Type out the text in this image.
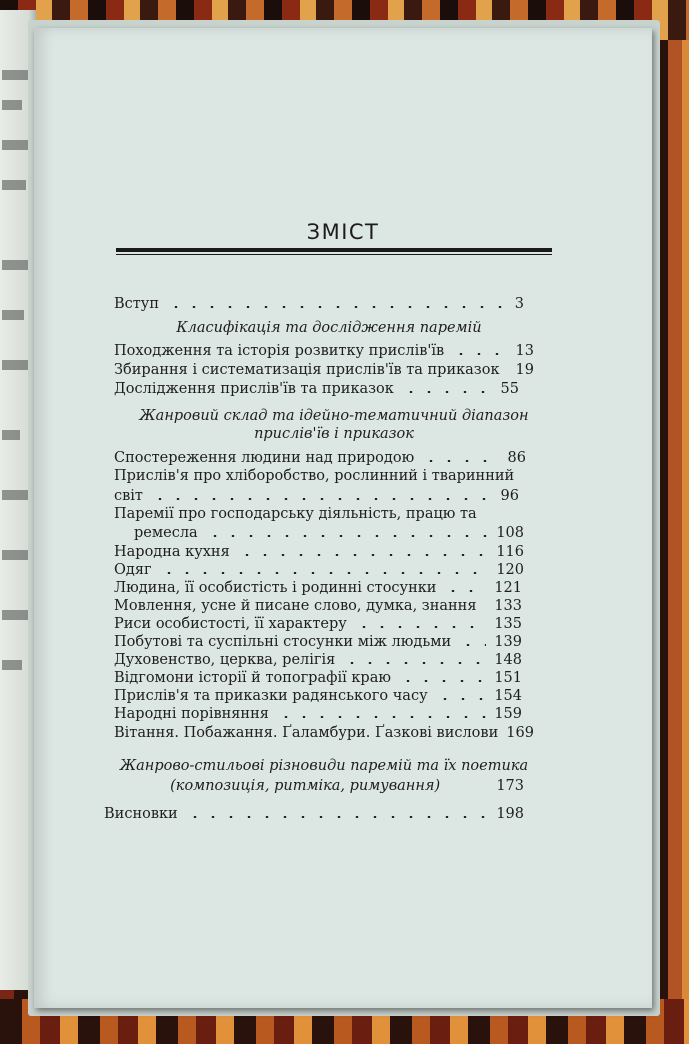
ЗМІСТ
Вступ	3
Класифікація та дослідження паремій
Походження та історія розвитку прислів'їв	13
Збирання і систематизація прислів'їв та приказок 19
Дослідження прислів'їв та приказок	55
Жанровий склад та ідейно-тематичний діапазон
прислів'їв і приказок
Спостереження людини над природою	86
Прислів'я про хліборобство, рослинний і тваринний
світ	96
Паремії про господарську діяльність, працю та
ремесла	108
Народна кухня	116
Одяг	120
Людина, її особистість і родинні стосунки	121
Мовлення, усне й писане слово, думка, знання 133
Риси особистості, її характеру	135
Побутові та суспільні стосунки між людьми	139
Духовенство, церква, релігія	148
Відгомони історії й топографії краю	151
Прислів'я та приказки радянського часу	154
Народні порівняння	159
Вітання. Побажання. Ґаламбури. Ґазкові вислови 169
Жанрово-стильові різновиди паремій та їх поетика
(композиція, ритміка, римування)	173
Висновки	198
